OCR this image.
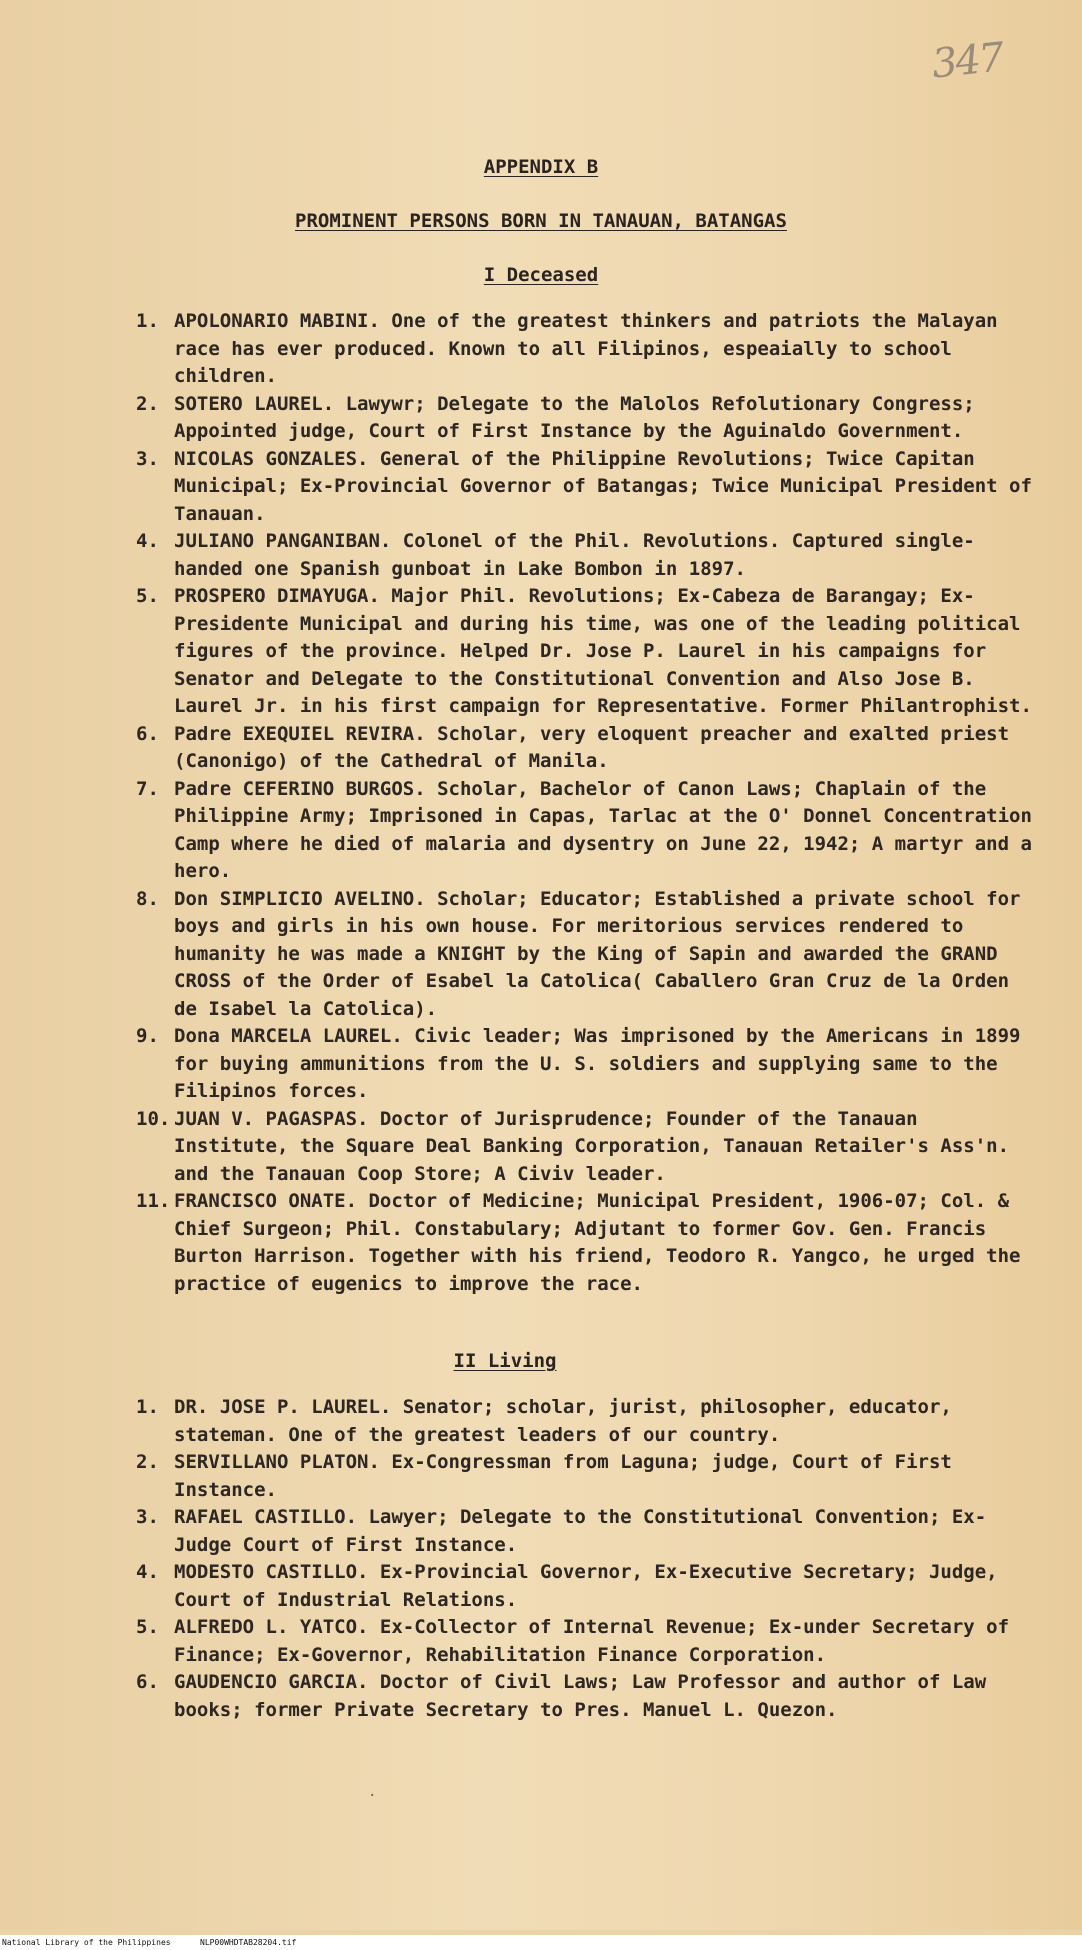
347
APPENDIX B
PROMINENT PERSONS BORN IN TANAUAN, BATANGAS
I Deceased
1. APOLONARIO MABINI. One of the greatest thinkers and patriots the Malayan race has ever produced. Known to all Filipinos, espeaially to school children.
2. SOTERO LAUREL. Lawywr; Delegate to the Malolos Refolutionary Congress; Appointed judge, Court of First Instance by the Aguinaldo Government.
3. NICOLAS GONZALES. General of the Philippine Revolutions; Twice Capitan Municipal; Ex-Provincial Governor of Batangas; Twice Municipal President of Tanauan.
4. JULIANO PANGANIBAN. Colonel of the Phil. Revolutions. Captured single-handed one Spanish gunboat in Lake Bombon in 1897.
5. PROSPERO DIMAYUGA. Major Phil. Revolutions; Ex-Cabeza de Barangay; Ex-Presidente Municipal and during his time, was one of the leading political figures of the province. Helped Dr. Jose P. Laurel in his campaigns for Senator and Delegate to the Constitutional Convention and Also Jose B. Laurel Jr. in his first campaign for Representative. Former Philantrophist.
6. Padre EXEQUIEL REVIRA. Scholar, very eloquent preacher and exalted priest (Canonigo) of the Cathedral of Manila.
7. Padre CEFERINO BURGOS. Scholar, Bachelor of Canon Laws; Chaplain of the Philippine Army; Imprisoned in Capas, Tarlac at the O' Donnel Concentration Camp where he died of malaria and dysentry on June 22, 1942; A martyr and a hero.
8. Don SIMPLICIO AVELINO. Scholar; Educator; Established a private school for boys and girls in his own house. For meritorious services rendered to humanity he was made a KNIGHT by the King of Sapin and awarded the GRAND CROSS of the Order of Esabel la Catolica( Caballero Gran Cruz de la Orden de Isabel la Catolica).
9. Dona MARCELA LAUREL. Civic leader; Was imprisoned by the Americans in 1899 for buying ammunitions from the U. S. soldiers and supplying same to the Filipinos forces.
10. JUAN V. PAGASPAS. Doctor of Jurisprudence; Founder of the Tanauan Institute, the Square Deal Banking Corporation, Tanauan Retailer's Ass'n. and the Tanauan Coop Store; A Civiv leader.
11. FRANCISCO ONATE. Doctor of Medicine; Municipal President, 1906-07; Col. & Chief Surgeon; Phil. Constabulary; Adjutant to former Gov. Gen. Francis Burton Harrison. Together with his friend, Teodoro R. Yangco, he urged the practice of eugenics to improve the race.
II Living
1. DR. JOSE P. LAUREL. Senator; scholar, jurist, philosopher, educator, stateman. One of the greatest leaders of our country.
2. SERVILLANO PLATON. Ex-Congressman from Laguna; judge, Court of First Instance.
3. RAFAEL CASTILLO. Lawyer; Delegate to the Constitutional Convention; Ex-Judge Court of First Instance.
4. MODESTO CASTILLO. Ex-Provincial Governor, Ex-Executive Secretary; Judge, Court of Industrial Relations.
5. ALFREDO L. YATCO. Ex-Collector of Internal Revenue; Ex-under Secretary of Finance; Ex-Governor, Rehabilitation Finance Corporation.
6. GAUDENCIO GARCIA. Doctor of Civil Laws; Law Professor and author of Law books; former Private Secretary to Pres. Manuel L. Quezon.
·
National Library of the Philippines	NLP00WHDTAB28204.tif
